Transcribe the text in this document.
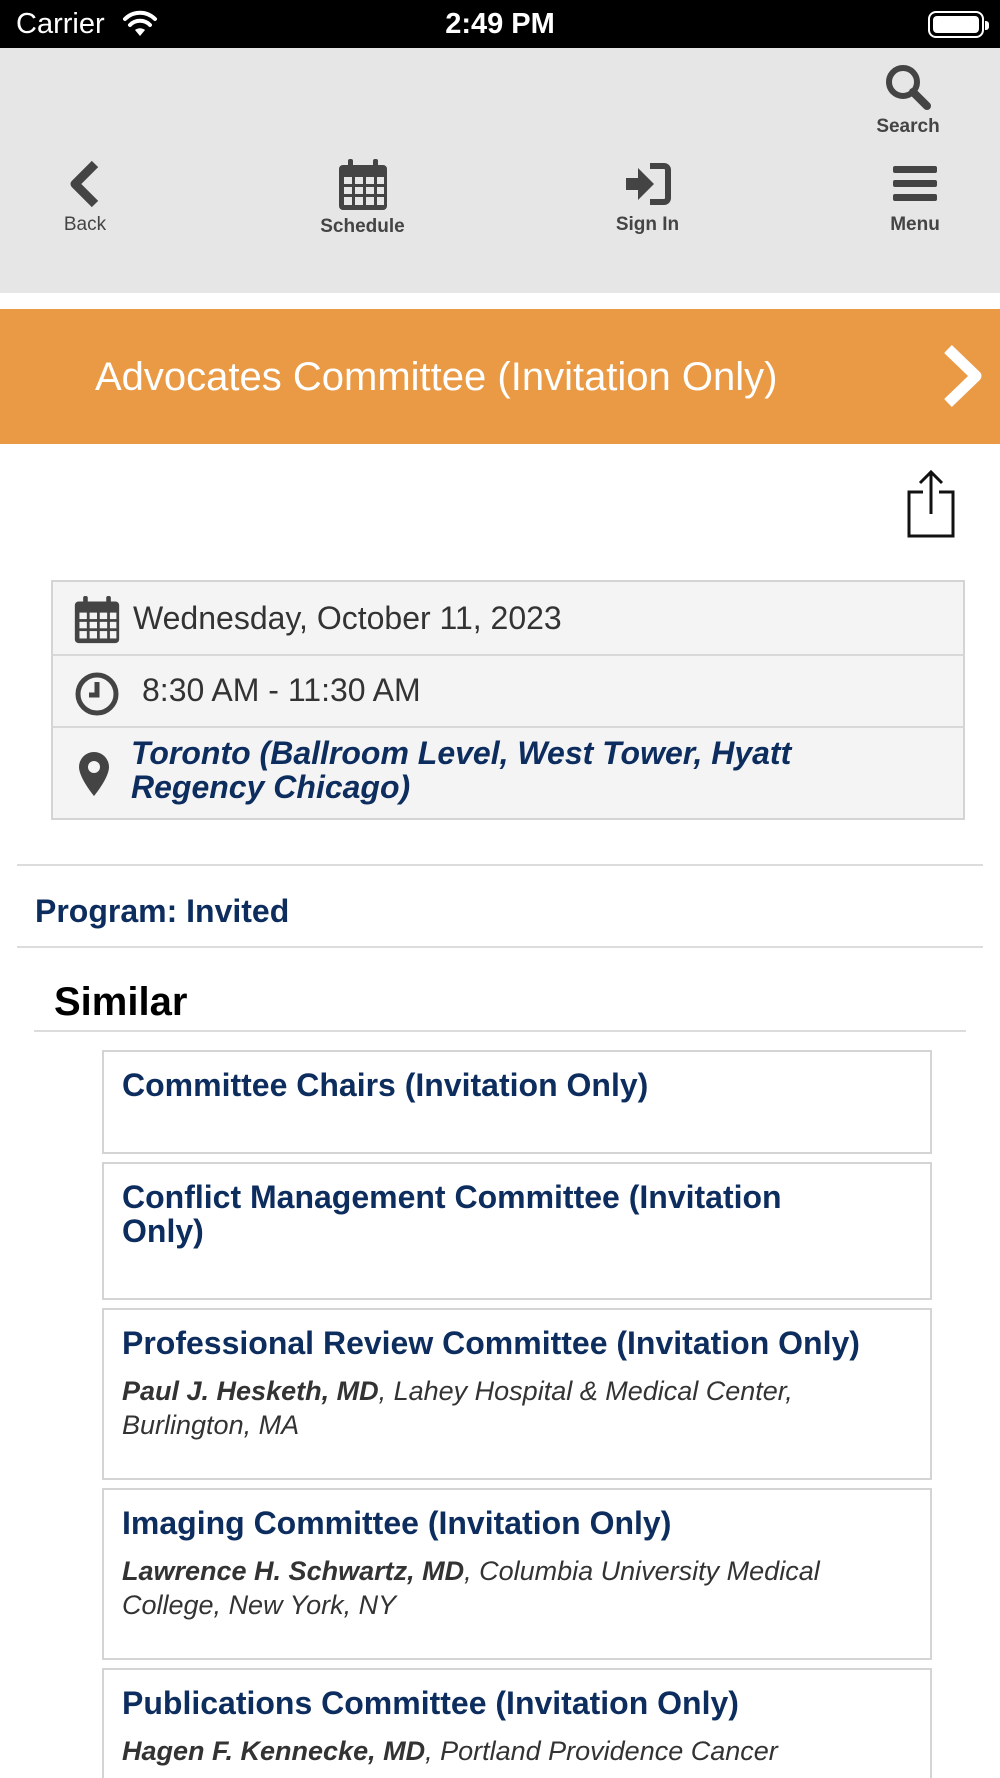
Carrier	2:49 PM
Search
Back	Schedule	Sign In	Menu
Advocates Committee (Invitation Only)
Wednesday, October 11, 2023
8:30 AM - 11:30 AM
Toronto (Ballroom Level, West Tower, Hyatt
Regency Chicago)
Program: Invited
Similar
Committee Chairs (Invitation Only)
Conflict Management Committee (Invitation
Only)
Professional Review Committee (Invitation Only)
Paul J. Hesketh, MD, Lahey Hospital & Medical Center,
Burlington, MA
Imaging Committee (Invitation Only)
Lawrence H. Schwartz, MD, Columbia University Medical
College, New York, NY
Publications Committee (Invitation Only)
Hagen F. Kennecke, MD, Portland Providence Cancer
